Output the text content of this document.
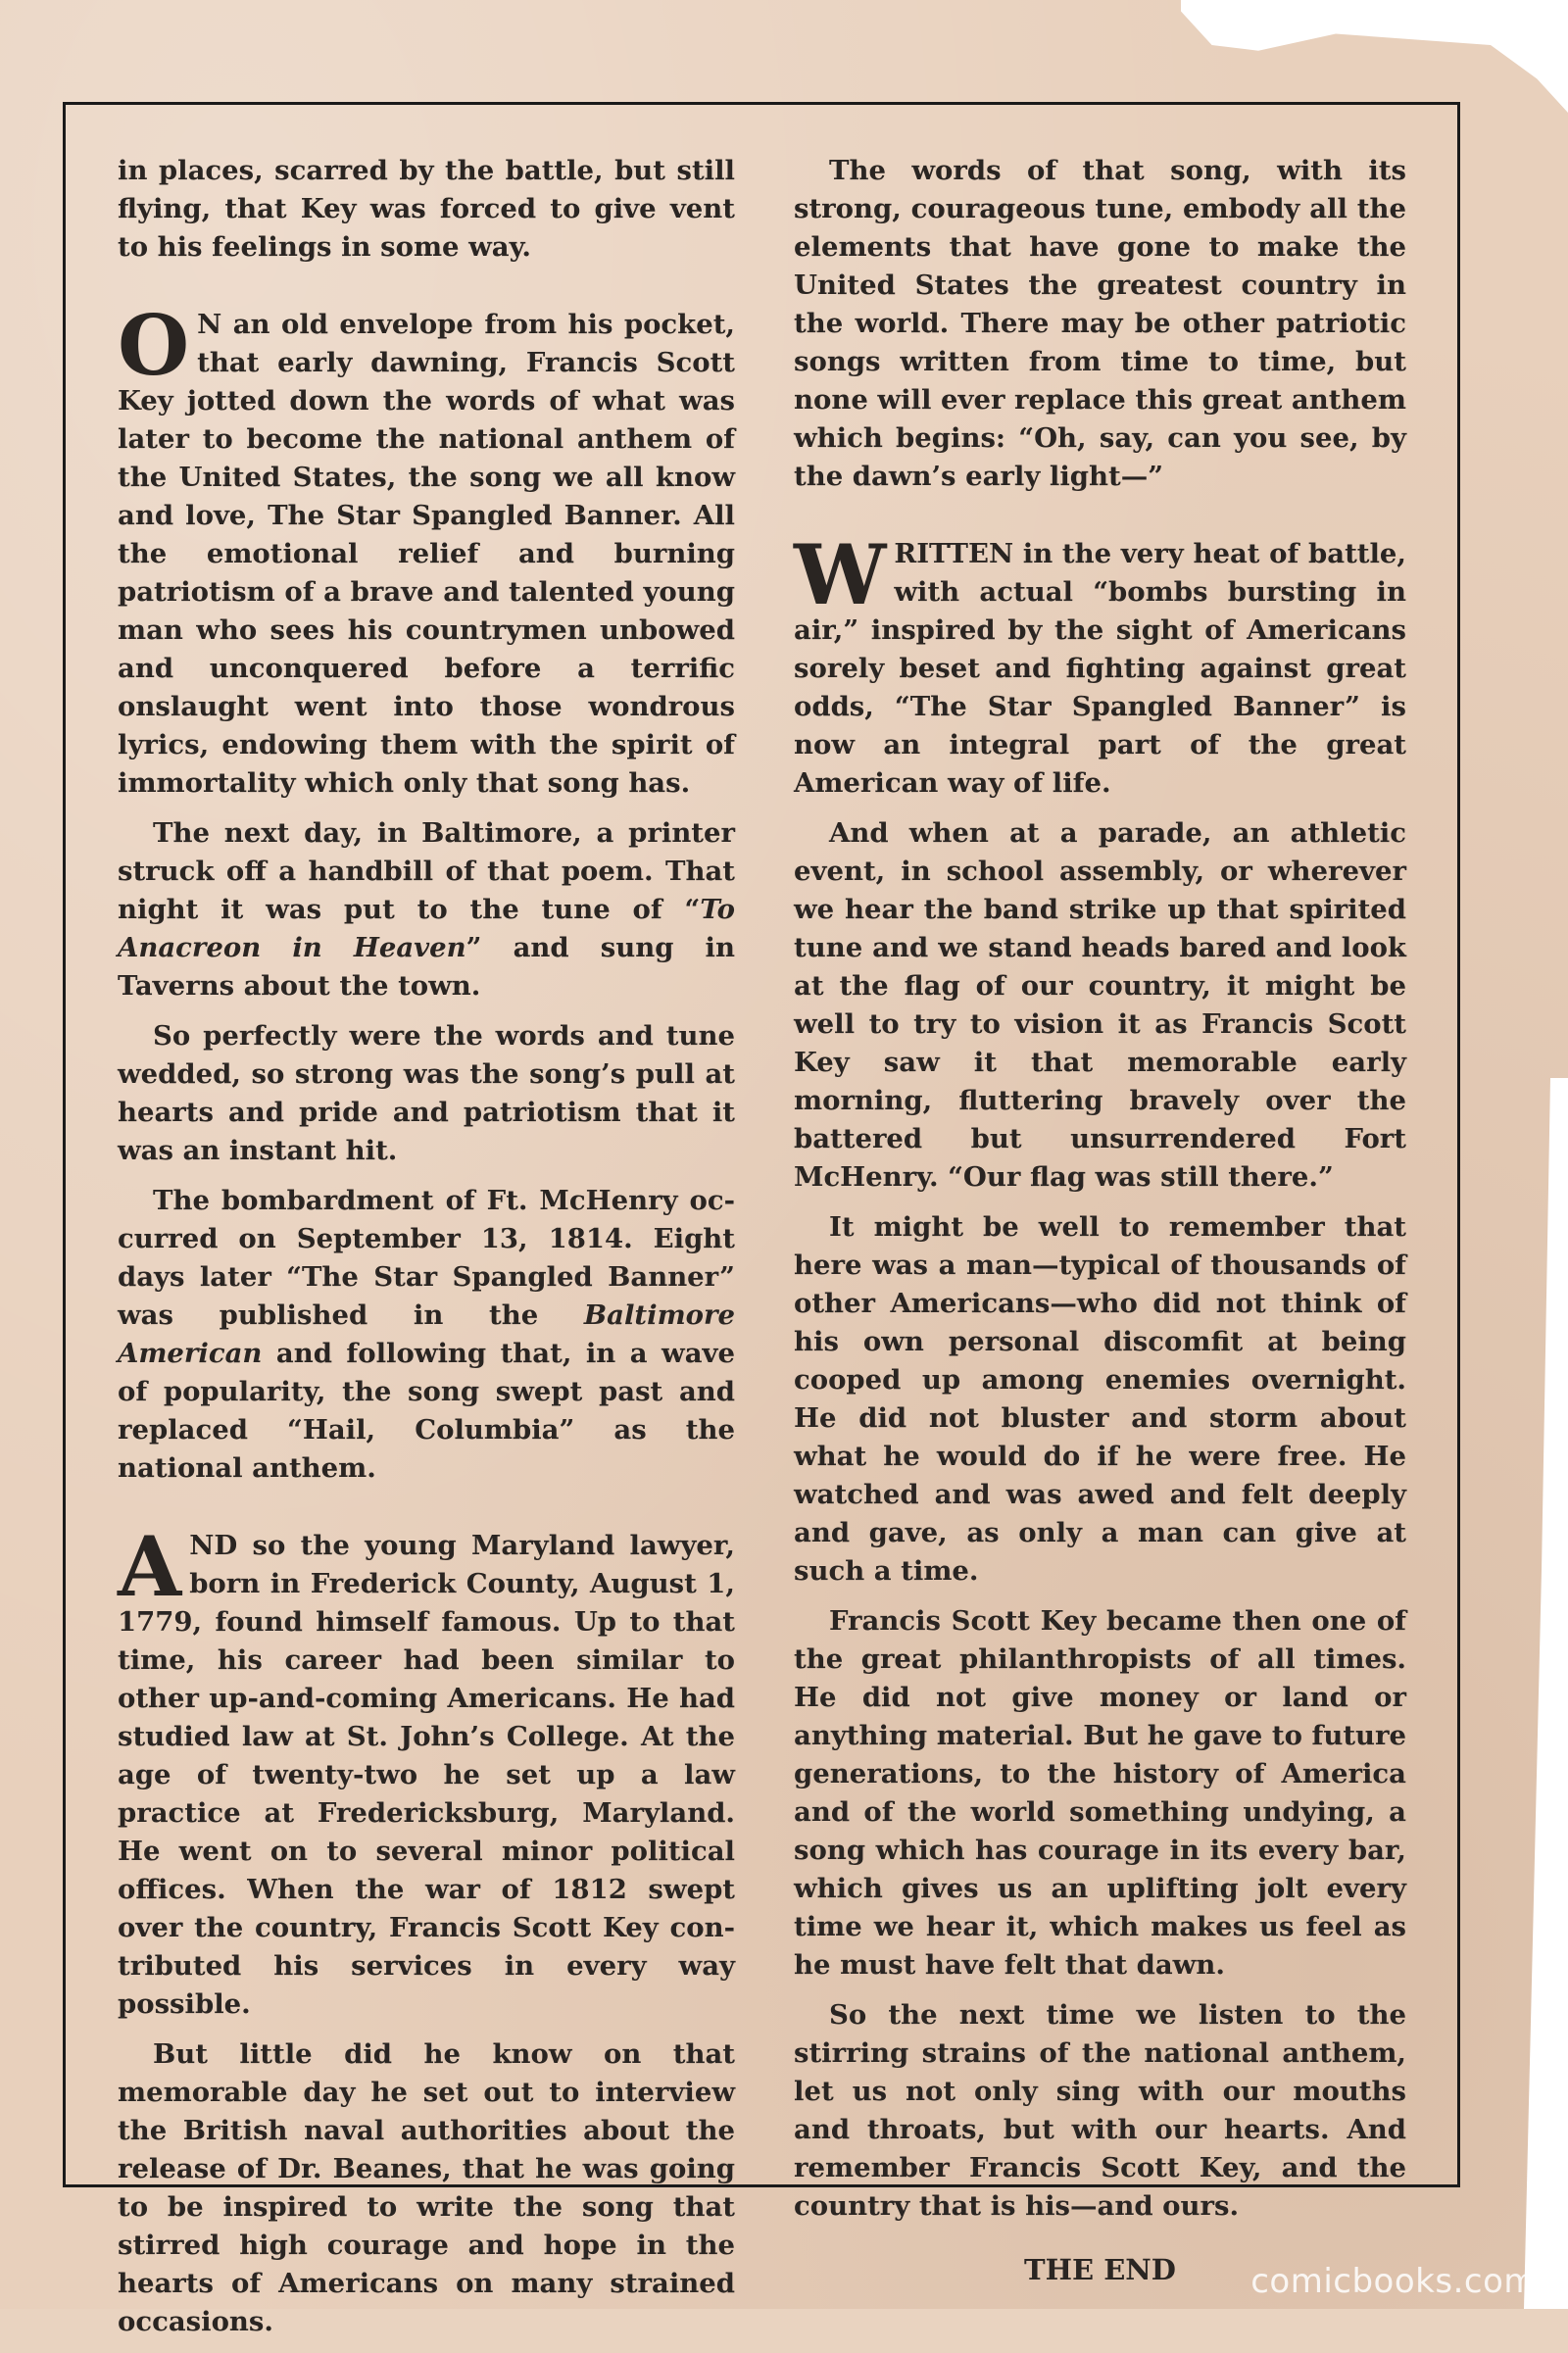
in places, scarred by the battle, but still flying, that Key was forced to give vent to his feelings in some way.

O N an old envelope from his pocket, that early dawning, Francis Scott Key jotted down the words of what was later to become the national anthem of the United States, the song we all know and love, The Star Spangled Banner. All the emotional relief and burning patriotism of a brave and talented young man who sees his countrymen unbowed and unconquered before a terrific onslaught went into those wondrous lyrics, endowing them with the spirit of immortality which only that song has.

The next day, in Baltimore, a printer struck off a handbill of that poem. That night it was put to the tune of “To Anacreon in Heaven” and sung in Taverns about the town.

So perfectly were the words and tune wedded, so strong was the song’s pull at hearts and pride and patriotism that it was an instant hit.

The bombardment of Ft. McHenry occurred on September 13, 1814. Eight days later “The Star Spangled Banner” was published in the Baltimore American and following that, in a wave of popularity, the song swept past and replaced “Hail, Columbia” as the national anthem.

AND so the young Maryland lawyer, born in Frederick County, August 1, 1779, found himself famous. Up to that time, his career had been similar to other up-and-coming Americans. He had studied law at St. John’s College. At the age of twenty-two he set up a law practice at Fredericksburg, Maryland. He went on to several minor political offices. When the war of 1812 swept over the country, Francis Scott Key contributed his services in every way possible.

But little did he know on that memorable day he set out to interview the British naval authorities about the release of Dr. Beanes, that he was going to be inspired to write the song that stirred high courage and hope in the hearts of Americans on many strained occasions.

The words of that song, with its strong, courageous tune, embody all the elements that have gone to make the United States the greatest country in the world. There may be other patriotic songs written from time to time, but none will ever replace this great anthem which begins: “Oh, say, can you see, by the dawn’s early light—”

WRITTEN in the very heat of battle, with actual “bombs bursting in air,” inspired by the sight of Americans sorely beset and fighting against great odds, “The Star Spangled Banner” is now an integral part of the great American way of life.

And when at a parade, an athletic event, in school assembly, or wherever we hear the band strike up that spirited tune and we stand heads bared and look at the flag of our country, it might be well to try to vision it as Francis Scott Key saw it that memorable early morning, fluttering bravely over the battered but unsurrendered Fort McHenry. “Our flag was still there.”

It might be well to remember that here was a man—typical of thousands of other Americans—who did not think of his own personal discomfit at being cooped up among enemies overnight. He did not bluster and storm about what he would do if he were free. He watched and was awed and felt deeply and gave, as only a man can give at such a time.

Francis Scott Key became then one of the great philanthropists of all times. He did not give money or land or anything material. But he gave to future generations, to the history of America and of the world something undying, a song which has courage in its every bar, which gives us an uplifting jolt every time we hear it, which makes us feel as he must have felt that dawn.

So the next time we listen to the stirring strains of the national anthem, let us not only sing with our mouths and throats, but with our hearts. And remember Francis Scott Key, and the country that is his—and ours.

THE END	comicbooks.com
